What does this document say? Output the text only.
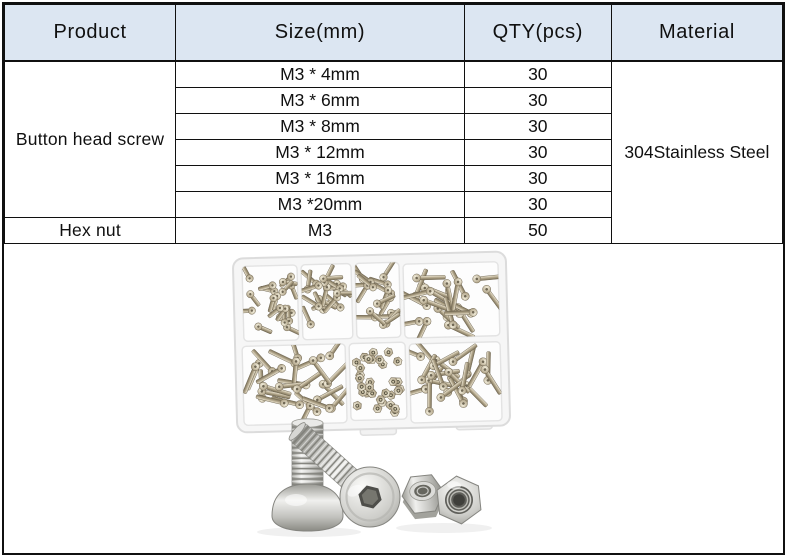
Product	Size(mm)	QTY(pcs)	Material
Button head screw	M3 * 4mm	30	304Stainless Steel
	M3 * 6mm	30	
	M3 * 8mm	30	
	M3 * 12mm	30	
	M3 * 16mm	30	
	M3 *20mm	30	
Hex nut	M3	50	
